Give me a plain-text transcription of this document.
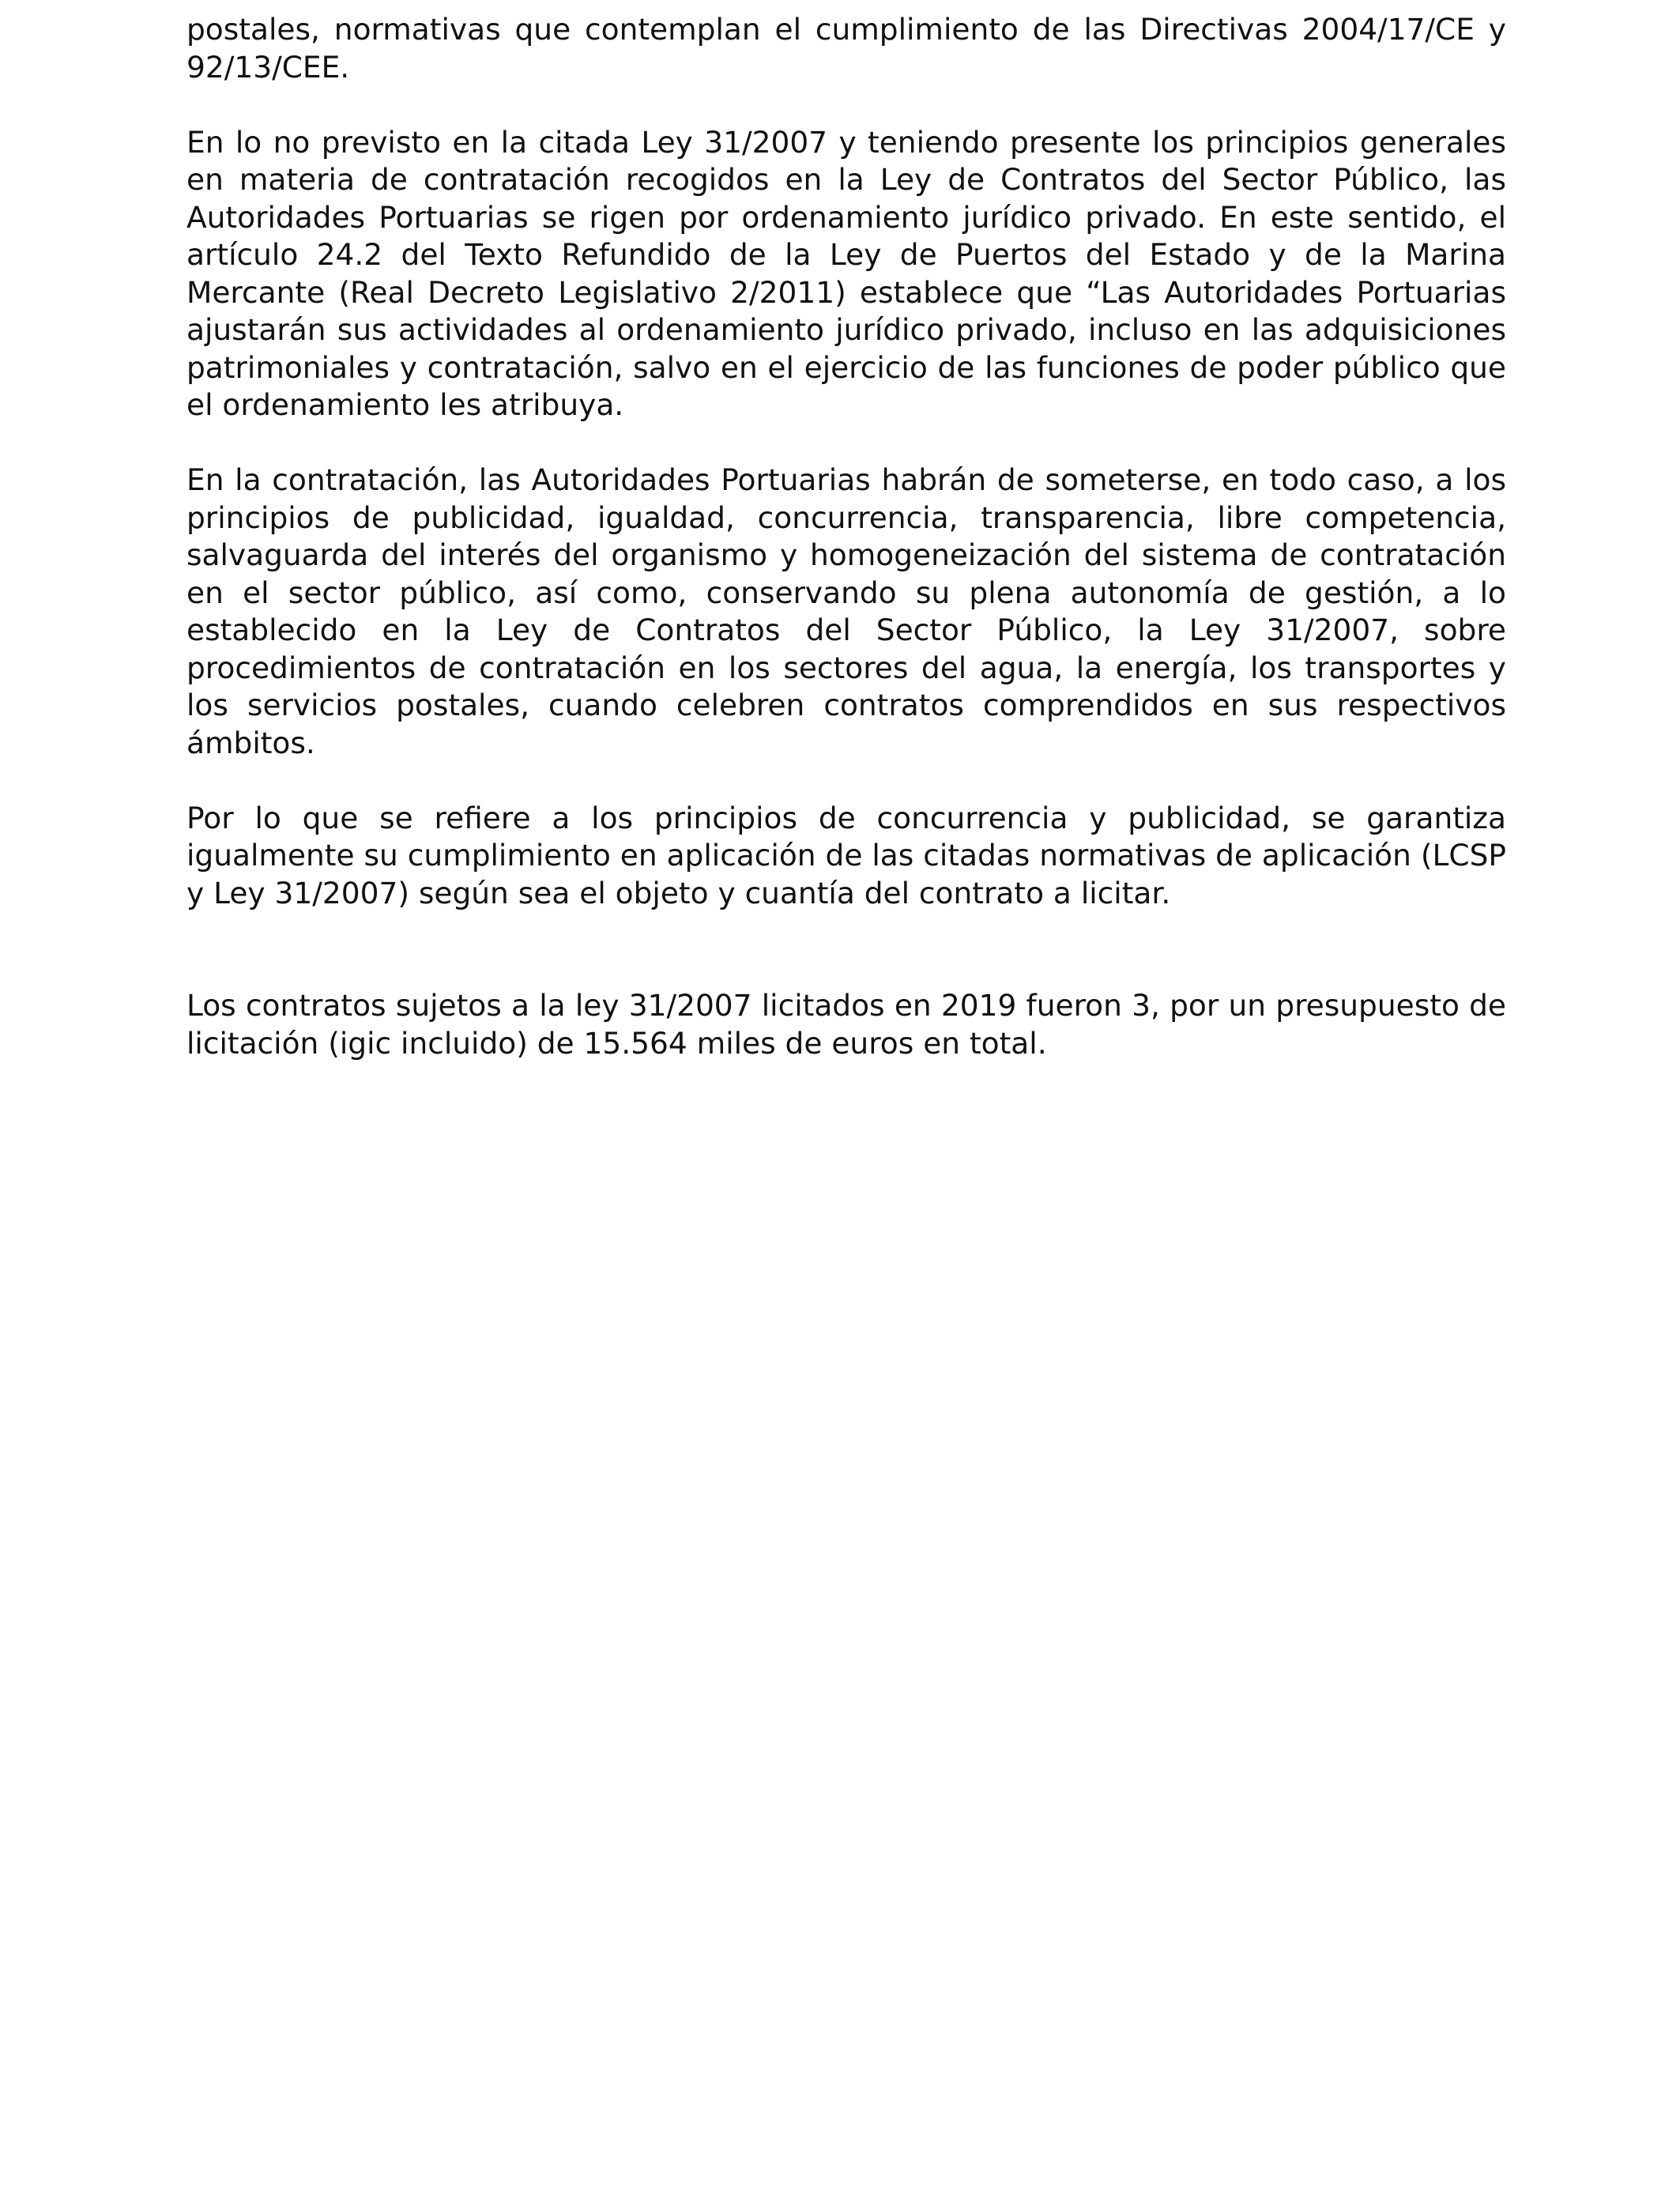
postales, normativas que contemplan el cumplimiento de las Directivas 2004/17/CE y 92/13/CEE.

En lo no previsto en la citada Ley 31/2007 y teniendo presente los principios generales en materia de contratación recogidos en la Ley de Contratos del Sector Público, las Autoridades Portuarias se rigen por ordenamiento jurídico privado. En este sentido, el artículo 24.2 del Texto Refundido de la Ley de Puertos del Estado y de la Marina Mercante (Real Decreto Legislativo 2/2011) establece que “Las Autoridades Portuarias ajustarán sus actividades al ordenamiento jurídico privado, incluso en las adquisiciones patrimoniales y contratación, salvo en el ejercicio de las funciones de poder público que el ordenamiento les atribuya.

En la contratación, las Autoridades Portuarias habrán de someterse, en todo caso, a los principios de publicidad, igualdad, concurrencia, transparencia, libre competencia, salvaguarda del interés del organismo y homogeneización del sistema de contratación en el sector público, así como, conservando su plena autonomía de gestión, a lo establecido en la Ley de Contratos del Sector Público, la Ley 31/2007, sobre procedimientos de contratación en los sectores del agua, la energía, los transportes y los servicios postales, cuando celebren contratos comprendidos en sus respectivos ámbitos.

Por lo que se refiere a los principios de concurrencia y publicidad, se garantiza igualmente su cumplimiento en aplicación de las citadas normativas de aplicación (LCSP y Ley 31/2007) según sea el objeto y cuantía del contrato a licitar.

Los contratos sujetos a la ley 31/2007 licitados en 2019 fueron 3, por un presupuesto de licitación (igic incluido) de 15.564 miles de euros en total.
